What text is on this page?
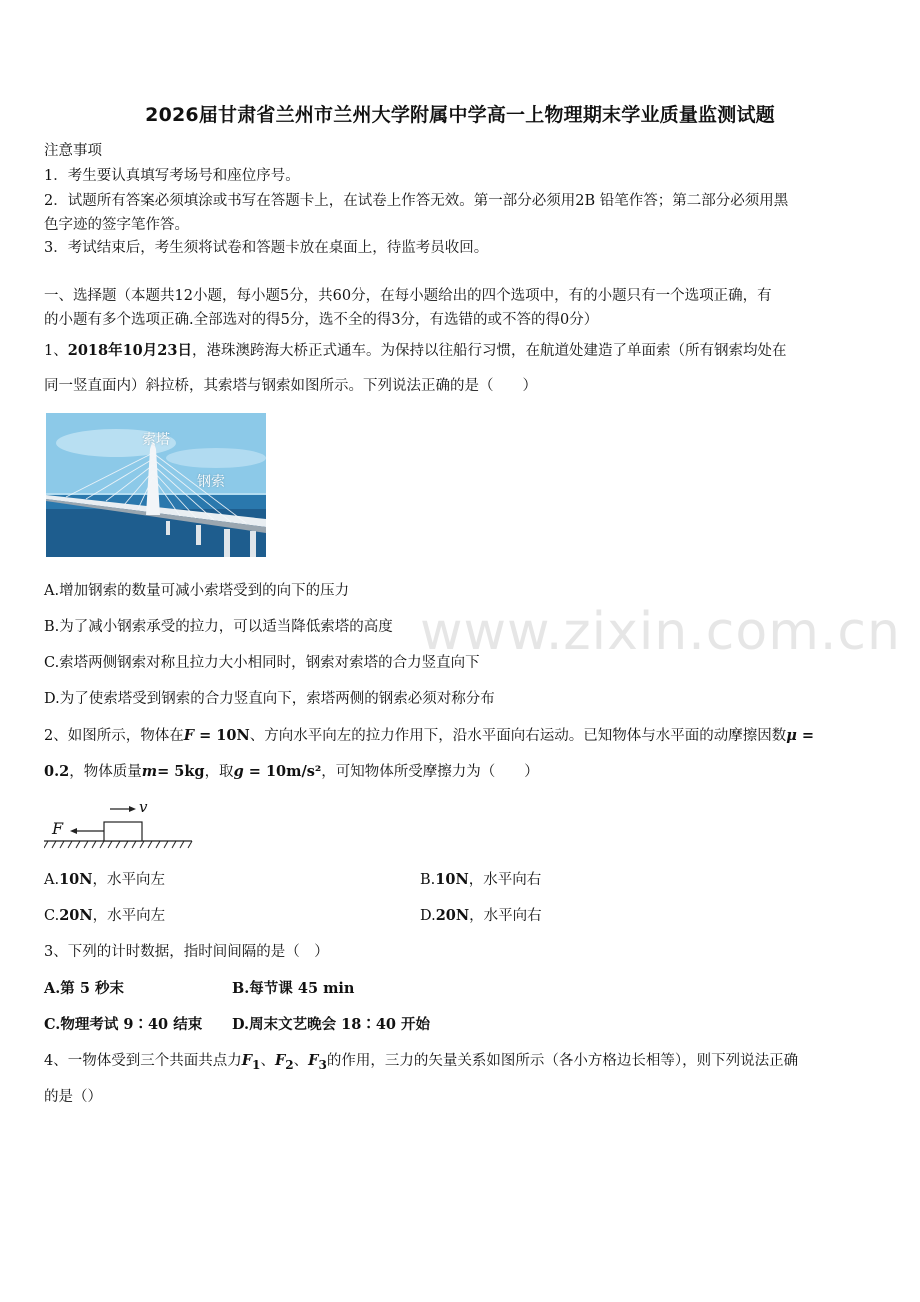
www.zixin.com.cn
2026届甘肃省兰州市兰州大学附属中学高一上物理期末学业质量监测试题
注意事项
1．考生要认真填写考场号和座位序号。
2．试题所有答案必须填涂或书写在答题卡上，在试卷上作答无效。第一部分必须用2B 铅笔作答；第二部分必须用黑
色字迹的签字笔作答。
3．考试结束后，考生须将试卷和答题卡放在桌面上，待监考员收回。
一、选择题（本题共12小题，每小题5分，共60分，在每小题给出的四个选项中，有的小题只有一个选项正确，有
的小题有多个选项正确.全部选对的得5分，选不全的得3分，有选错的或不答的得0分）
1、2018年10月23日，港珠澳跨海大桥正式通车。为保持以往船行习惯，在航道处建造了单面索（所有钢索均处在
同一竖直面内）斜拉桥，其索塔与钢索如图所示。下列说法正确的是（　　）
索塔
钢索
A.增加钢索的数量可减小索塔受到的向下的压力
B.为了减小钢索承受的拉力，可以适当降低索塔的高度
C.索塔两侧钢索对称且拉力大小相同时，钢索对索塔的合力竖直向下
D.为了使索塔受到钢索的合力竖直向下，索塔两侧的钢索必须对称分布
2、如图所示，物体在F = 10N、方向水平向左的拉力作用下，沿水平面向右运动。已知物体与水平面的动摩擦因数μ =
0.2，物体质量m= 5kg，取g = 10m/s²，可知物体所受摩擦力为（　　）
F
v
A.10N，水平向左	B.10N，水平向右
C.20N，水平向左	D.20N，水平向右
3、下列的计时数据，指时间间隔的是（　）
A.第 5 秒末	B.每节课 45 min
C.物理考试 9∶40 结束 D.周末文艺晚会 18∶40 开始
4、一物体受到三个共面共点力$F_1$、$F_2$、$F_3$的作用，三力的矢量关系如图所示（各小方格边长相等），则下列说法正确
的是（）
